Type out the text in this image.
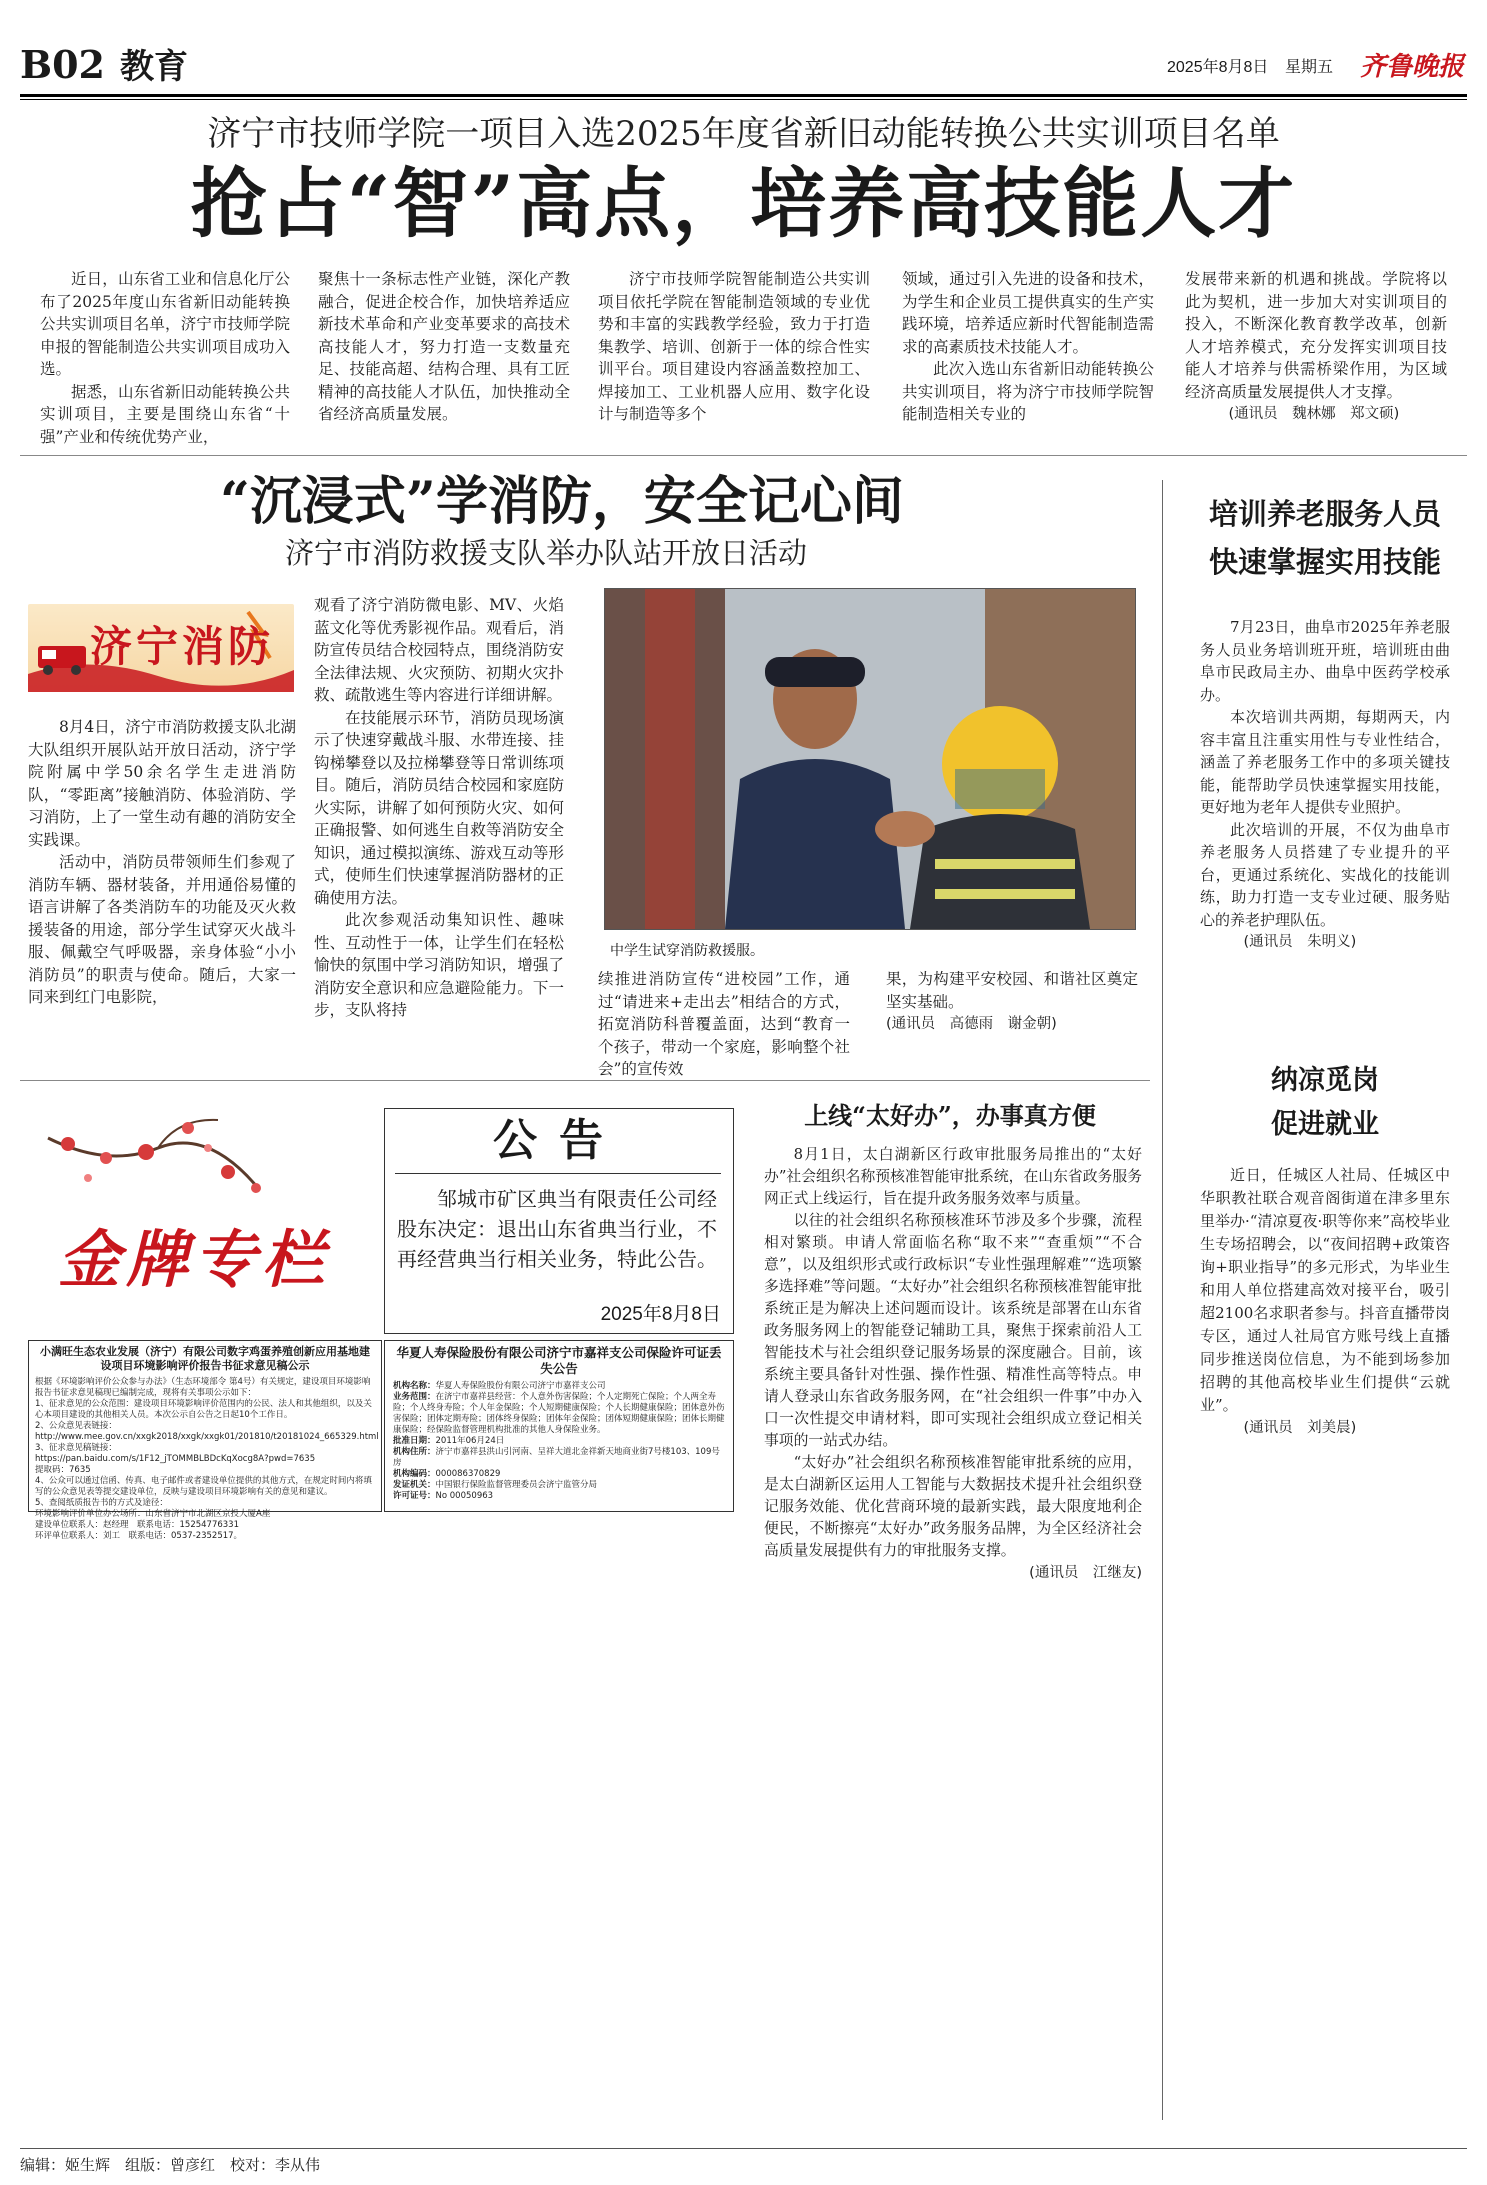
B02 教育	2025年8月8日 星期五 齐鲁晚报
济宁市技师学院一项目入选2025年度省新旧动能转换公共实训项目名单
抢占“智”高点，培养高技能人才

近日，山东省工业和信息化厅公布了2025年度山东省新旧动能转换公共实训项目名单，济宁市技师学院申报的智能制造公共实训项目成功入选。

据悉，山东省新旧动能转换公共实训项目，主要是围绕山东省“十强”产业和传统优势产业，

聚焦十一条标志性产业链，深化产教融合，促进企校合作，加快培养适应新技术革命和产业变革要求的高技术高技能人才，努力打造一支数量充足、技能高超、结构合理、具有工匠精神的高技能人才队伍，加快推动全省经济高质量发展。

济宁市技师学院智能制造公共实训项目依托学院在智能制造领域的专业优势和丰富的实践教学经验，致力于打造集教学、培训、创新于一体的综合性实训平台。项目建设内容涵盖数控加工、焊接加工、工业机器人应用、数字化设计与制造等多个

领域，通过引入先进的设备和技术，为学生和企业员工提供真实的生产实践环境，培养适应新时代智能制造需求的高素质技术技能人才。

此次入选山东省新旧动能转换公共实训项目，将为济宁市技师学院智能制造相关专业的

发展带来新的机遇和挑战。学院将以此为契机，进一步加大对实训项目的投入，不断深化教育教学改革，创新人才培养模式，充分发挥实训项目技能人才培养与供需桥梁作用，为区域经济高质量发展提供人才支撑。

(通讯员　魏林娜　郑文硕)

“沉浸式”学消防，安全记心间
济宁市消防救援支队举办队站开放日活动
济宁消防

8月4日，济宁市消防救援支队北湖大队组织开展队站开放日活动，济宁学院附属中学50余名学生走进消防队，“零距离”接触消防、体验消防、学习消防，上了一堂生动有趣的消防安全实践课。

活动中，消防员带领师生们参观了消防车辆、器材装备，并用通俗易懂的语言讲解了各类消防车的功能及灭火救援装备的用途，部分学生试穿灭火战斗服、佩戴空气呼吸器，亲身体验“小小消防员”的职责与使命。随后，大家一同来到红门电影院，

观看了济宁消防微电影、MV、火焰蓝文化等优秀影视作品。观看后，消防宣传员结合校园特点，围绕消防安全法律法规、火灾预防、初期火灾扑救、疏散逃生等内容进行详细讲解。

在技能展示环节，消防员现场演示了快速穿戴战斗服、水带连接、挂钩梯攀登以及拉梯攀登等日常训练项目。随后，消防员结合校园和家庭防火实际，讲解了如何预防火灾、如何正确报警、如何逃生自救等消防安全知识，通过模拟演练、游戏互动等形式，使师生们快速掌握消防器材的正确使用方法。

此次参观活动集知识性、趣味性、互动性于一体，让学生们在轻松愉快的氛围中学习消防知识，增强了消防安全意识和应急避险能力。下一步，支队将持

中学生试穿消防救援服。

续推进消防宣传“进校园”工作，通过“请进来+走出去”相结合的方式，拓宽消防科普覆盖面，达到“教育一个孩子，带动一个家庭，影响整个社会”的宣传效

果，为构建平安校园、和谐社区奠定坚实基础。

(通讯员　高德雨　谢金朝)

培训养老服务人员
快速掌握实用技能

7月23日，曲阜市2025年养老服务人员业务培训班开班，培训班由曲阜市民政局主办、曲阜中医药学校承办。

本次培训共两期，每期两天，内容丰富且注重实用性与专业性结合，涵盖了养老服务工作中的多项关键技能，能帮助学员快速掌握实用技能，更好地为老年人提供专业照护。

此次培训的开展，不仅为曲阜市养老服务人员搭建了专业提升的平台，更通过系统化、实战化的技能训练，助力打造一支专业过硬、服务贴心的养老护理队伍。

(通讯员　朱明义)

金牌专栏
公告
邹城市矿区典当有限责任公司经股东决定：退出山东省典当行业，不再经营典当行相关业务，特此公告。
2025年8月8日
小满旺生态农业发展（济宁）有限公司数字鸡蛋养殖创新应用基地建设项目环境影响评价报告书征求意见稿公示

根据《环境影响评价公众参与办法》（生态环境部令 第4号）有关规定，建设项目环境影响报告书征求意见稿现已编制完成，现将有关事项公示如下：

1、征求意见的公众范围：建设项目环境影响评价范围内的公民、法人和其他组织，以及关心本项目建设的其他相关人员。本次公示自公告之日起10个工作日。

2、公众意见表链接：

http://www.mee.gov.cn/xxgk2018/xxgk/xxgk01/201810/t20181024_665329.html

3、征求意见稿链接：

https://pan.baidu.com/s/1F12_jTOMMBLBDcKqXocg8A?pwd=7635

提取码：7635

4、公众可以通过信函、传真、电子邮件或者建设单位提供的其他方式，在规定时间内将填写的公众意见表等提交建设单位，反映与建设项目环境影响有关的意见和建议。

5、查阅纸质报告书的方式及途径：

环境影响评价单位办公场所：山东省济宁市北湖区京投大厦A座

建设单位联系人：赵经理　联系电话：15254776331

环评单位联系人：刘工　联系电话：0537-2352517。

华夏人寿保险股份有限公司济宁市嘉祥支公司保险许可证丢失公告

机构名称：华夏人寿保险股份有限公司济宁市嘉祥支公司

业务范围：在济宁市嘉祥县经营：个人意外伤害保险；个人定期死亡保险；个人两全寿险；个人终身寿险；个人年金保险；个人短期健康保险；个人长期健康保险；团体意外伤害保险；团体定期寿险；团体终身保险；团体年金保险；团体短期健康保险；团体长期健康保险；经保险监督管理机构批准的其他人身保险业务。

批准日期：2011年06月24日

机构住所：济宁市嘉祥县洪山引河南、呈祥大道北金祥新天地商业街7号楼103、109号房

机构编码：000086370829

发证机关：中国银行保险监督管理委员会济宁监管分局

许可证号：No 00050963

上线“太好办”，办事真方便

8月1日，太白湖新区行政审批服务局推出的“太好办”社会组织名称预核准智能审批系统，在山东省政务服务网正式上线运行，旨在提升政务服务效率与质量。

以往的社会组织名称预核准环节涉及多个步骤，流程相对繁琐。申请人常面临名称“取不来”“查重烦”“不合意”，以及组织形式或行政标识“专业性强理解难”“选项繁多选择难”等问题。“太好办”社会组织名称预核准智能审批系统正是为解决上述问题而设计。该系统是部署在山东省政务服务网上的智能登记辅助工具，聚焦于探索前沿人工智能技术与社会组织登记服务场景的深度融合。目前，该系统主要具备针对性强、操作性强、精准性高等特点。申请人登录山东省政务服务网，在“社会组织一件事”中办入口一次性提交申请材料，即可实现社会组织成立登记相关事项的一站式办结。

“太好办”社会组织名称预核准智能审批系统的应用，是太白湖新区运用人工智能与大数据技术提升社会组织登记服务效能、优化营商环境的最新实践，最大限度地利企便民，不断擦亮“太好办”政务服务品牌，为全区经济社会高质量发展提供有力的审批服务支撑。

(通讯员　江继友)

纳凉觅岗
促进就业

近日，任城区人社局、任城区中华职教社联合观音阁街道在津多里东里举办·“清凉夏夜·职等你来”高校毕业生专场招聘会，以“夜间招聘+政策咨询+职业指导”的多元形式，为毕业生和用人单位搭建高效对接平台，吸引超2100名求职者参与。抖音直播带岗专区，通过人社局官方账号线上直播同步推送岗位信息，为不能到场参加招聘的其他高校毕业生们提供“云就业”。

(通讯员　刘美晨)

编辑：姬生辉　组版：曾彦红　校对：李从伟
